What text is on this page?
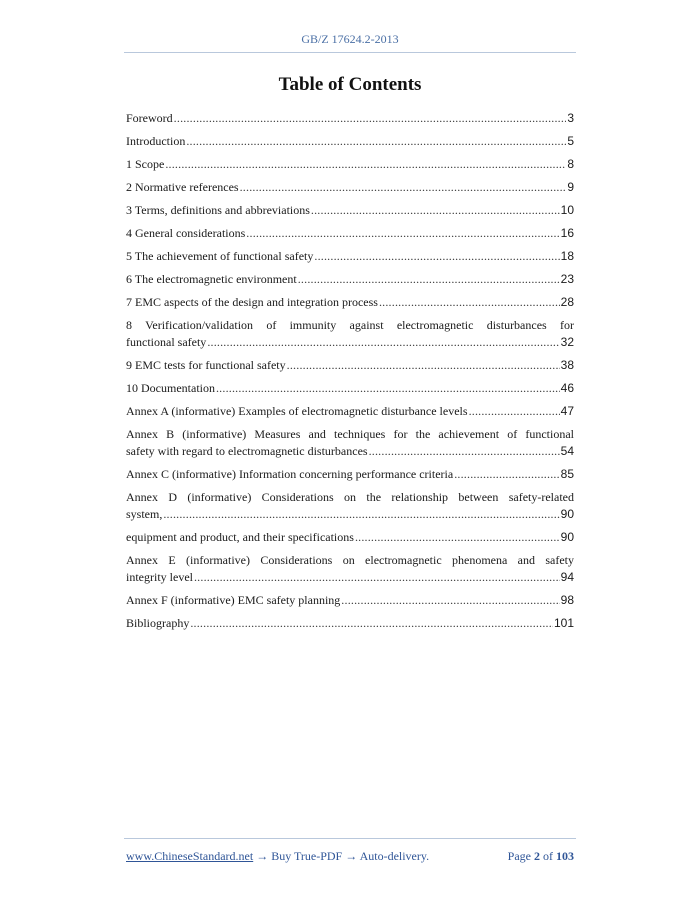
GB/Z 17624.2-2013
Table of Contents
Foreword .....	3
Introduction .....	5
1 Scope .....	8
2 Normative references .....	9
3 Terms, definitions and abbreviations .....	10
4 General considerations .....	16
5 The achievement of functional safety .....	18
6 The electromagnetic environment .....	23
7 EMC aspects of the design and integration process .....	28
8 Verification/validation of immunity against electromagnetic disturbances for
functional safety .....	32
9 EMC tests for functional safety .....	38
10 Documentation .....	46
Annex A (informative) Examples of electromagnetic disturbance levels .....	47
Annex B (informative) Measures and techniques for the achievement of functional
safety with regard to electromagnetic disturbances .....	54
Annex C (informative) Information concerning performance criteria .....	85
Annex D (informative) Considerations on the relationship between safety-related
system, .....	90
equipment and product, and their specifications .....	90
Annex E (informative) Considerations on electromagnetic phenomena and safety
integrity level .....	94
Annex F (informative) EMC safety planning .....	98
Bibliography .....	101
www.ChineseStandard.net → Buy True-PDF → Auto-delivery.	Page 2 of 103
